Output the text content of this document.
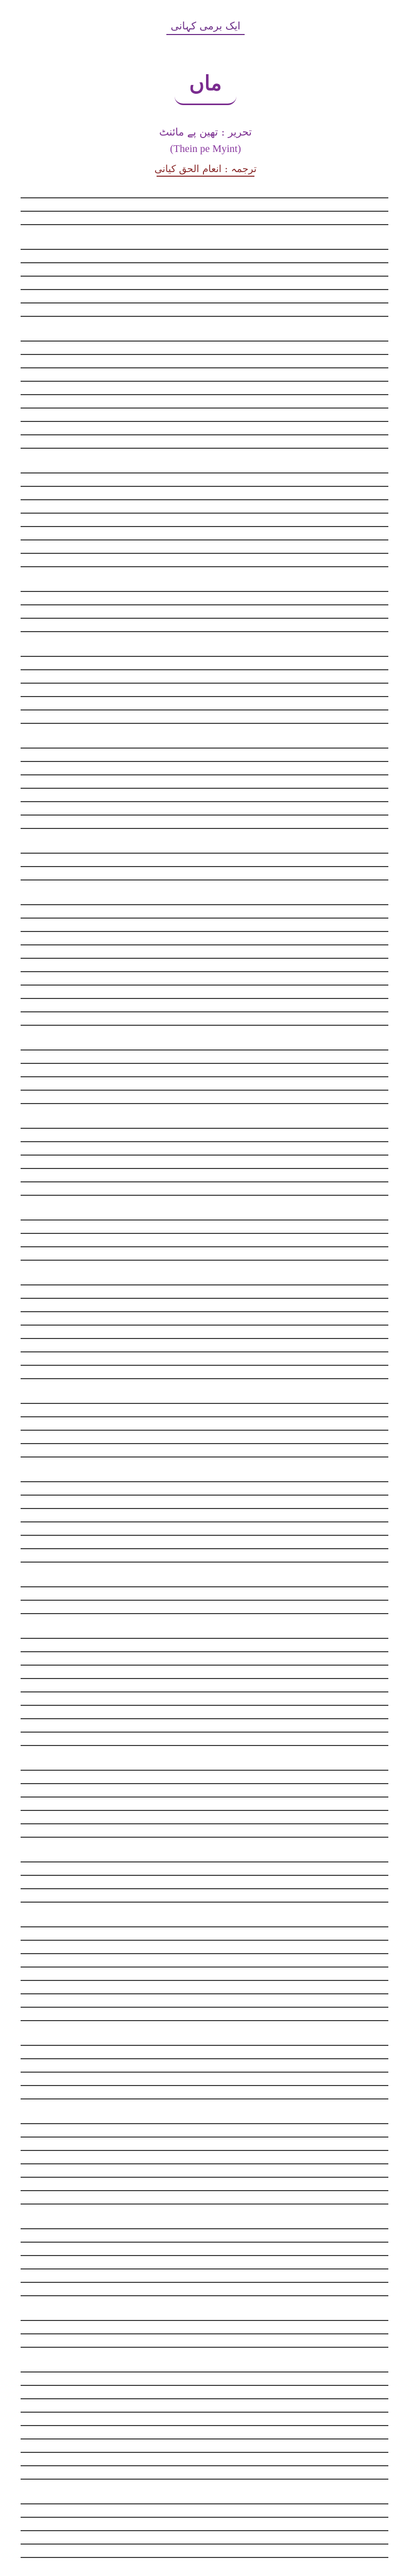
ایک برمی کہانی
ماں
تحریر : تھین پے مائنٹ
(Thein pe Myint)
ترجمہ : انعام الحق کیانی
